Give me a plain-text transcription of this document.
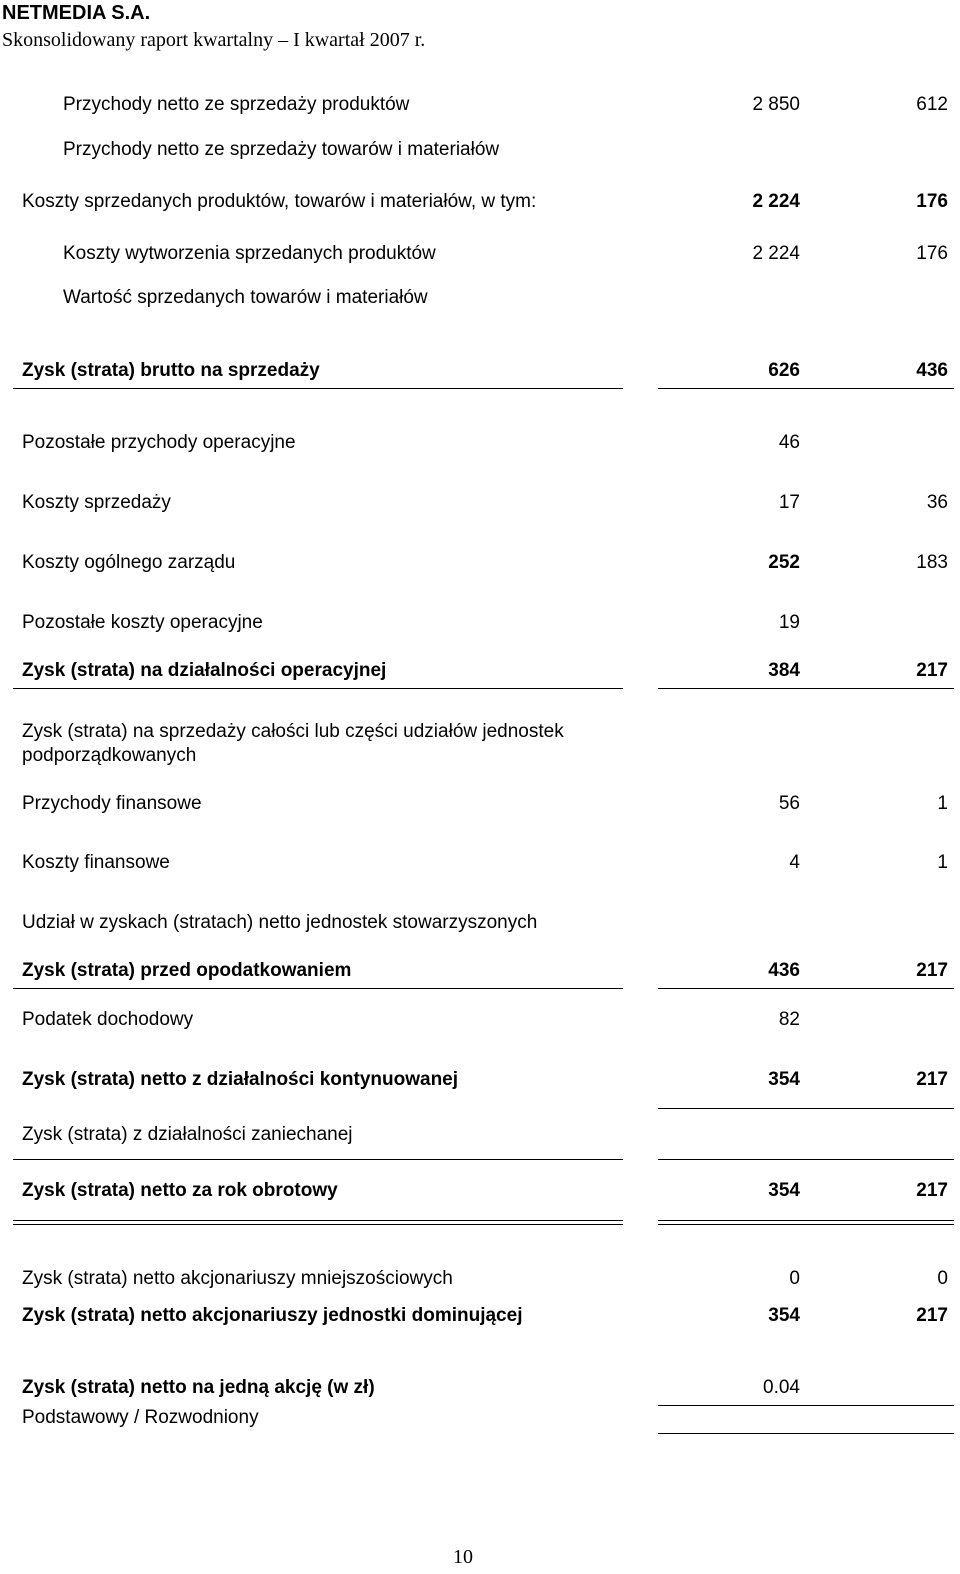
NETMEDIA S.A.
Skonsolidowany raport kwartalny – I kwartał 2007 r.
Przychody netto ze sprzedaży produktów	2 850	612
Przychody netto ze sprzedaży towarów i materiałów
Koszty sprzedanych produktów, towarów i materiałów, w tym:	2 224	176
Koszty wytworzenia sprzedanych produktów	2 224	176
Wartość sprzedanych towarów i materiałów
Zysk (strata) brutto na sprzedaży	626	436
Pozostałe przychody operacyjne	46
Koszty sprzedaży	17	36
Koszty ogólnego zarządu	252	183
Pozostałe koszty operacyjne	19
Zysk (strata) na działalności operacyjnej	384	217
Zysk (strata) na sprzedaży całości lub części udziałów jednostek
podporządkowanych
Przychody finansowe	56	1
Koszty finansowe	4	1
Udział w zyskach (stratach) netto jednostek stowarzyszonych
Zysk (strata) przed opodatkowaniem	436	217
Podatek dochodowy	82
Zysk (strata) netto z działalności kontynuowanej	354	217
Zysk (strata) z działalności zaniechanej
Zysk (strata) netto za rok obrotowy	354	217
Zysk (strata) netto akcjonariuszy mniejszościowych	0	0
Zysk (strata) netto akcjonariuszy jednostki dominującej	354	217
Zysk (strata) netto na jedną akcję (w zł)	0.04
Podstawowy / Rozwodniony
10
